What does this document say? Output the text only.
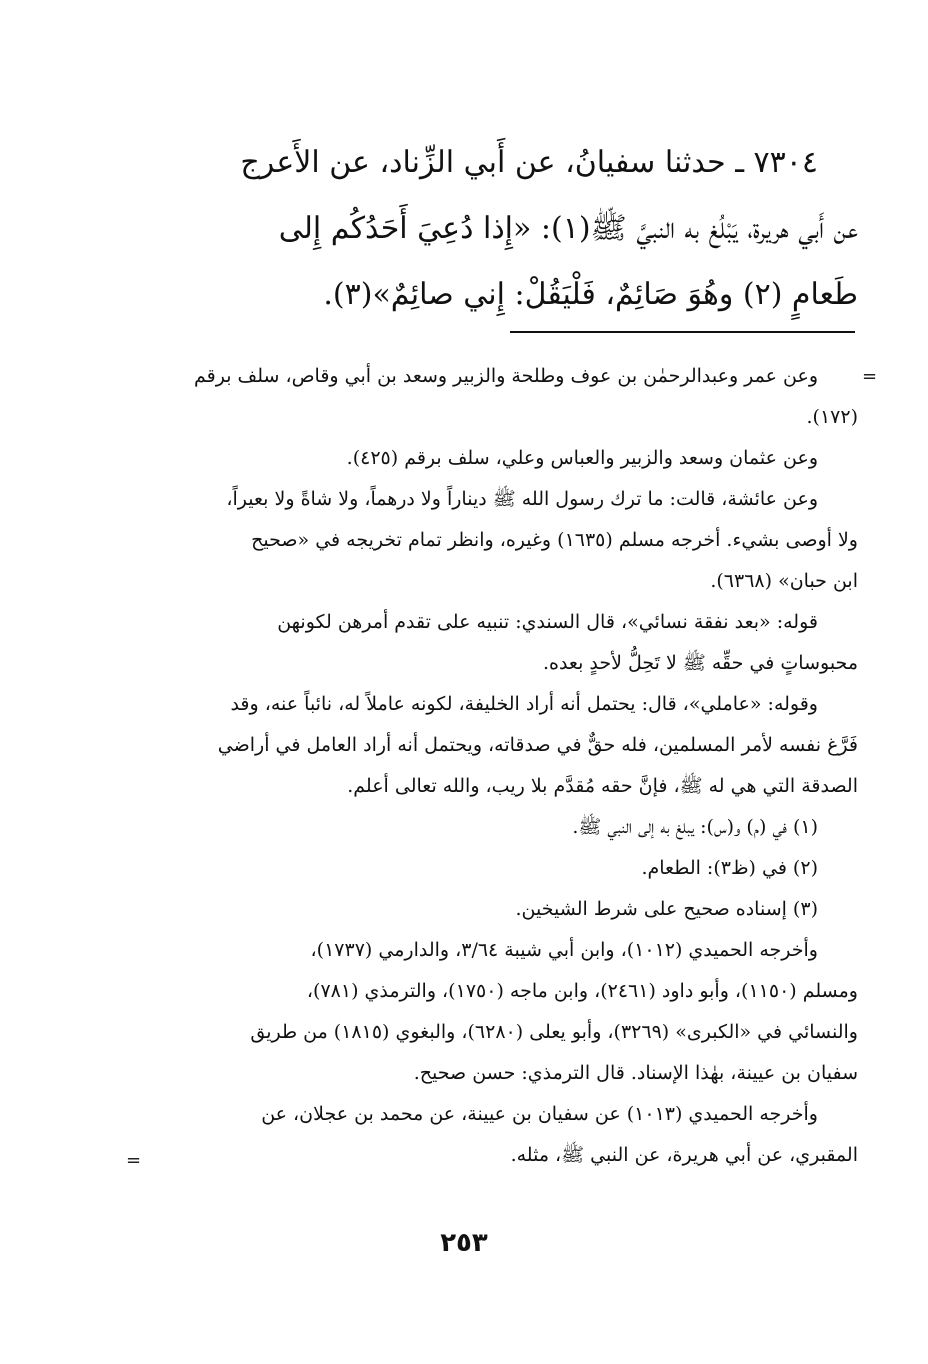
٧٣٠٤ ـ حدثنا سفيانُ، عن أَبي الزِّناد، عن الأَعرج
عن أَبي هريرة، يَبْلُغ به النبيَّ ﷺ(١): «إِذا دُعِيَ أَحَدُكُم إِلى
طَعامٍ (٢) وهُوَ صَائِمٌ، فَلْيَقُلْ: إِني صائِمٌ»(٣).
=
=
وعن عمر وعبدالرحمٰن بن عوف وطلحة والزبير وسعد بن أبي وقاص، سلف برقم
(١٧٢).
وعن عثمان وسعد والزبير والعباس وعلي، سلف برقم (٤٢٥).
وعن عائشة، قالت: ما ترك رسول الله ﷺ ديناراً ولا درهماً، ولا شاةً ولا بعيراً،
ولا أوصى بشيء. أخرجه مسلم (١٦٣٥) وغيره، وانظر تمام تخريجه في «صحيح
ابن حبان» (٦٣٦٨).
قوله: «بعد نفقة نسائي»، قال السندي: تنبيه على تقدم أمرهن لكونهن
محبوساتٍ في حقِّه ﷺ لا تَحِلُّ لأحدٍ بعده.
وقوله: «عاملي»، قال: يحتمل أنه أراد الخليفة، لكونه عاملاً له، نائباً عنه، وقد
فَرَّغ نفسه لأمر المسلمين، فله حقٌّ في صدقاته، ويحتمل أنه أراد العامل في أراضي
الصدقة التي هي له ﷺ، فإنَّ حقه مُقدَّم بلا ريب، والله تعالى أعلم.
(١) في (م) و(س): يبلغ به إلى النبي ﷺ.
(٢) في (ظ٣): الطعام.
(٣) إسناده صحيح على شرط الشيخين.
وأخرجه الحميدي (١٠١٢)، وابن أبي شيبة ٣/٦٤، والدارمي (١٧٣٧)،
ومسلم (١١٥٠)، وأبو داود (٢٤٦١)، وابن ماجه (١٧٥٠)، والترمذي (٧٨١)،
والنسائي في «الكبرى» (٣٢٦٩)، وأبو يعلى (٦٢٨٠)، والبغوي (١٨١٥) من طريق
سفيان بن عيينة، بهٰذا الإسناد. قال الترمذي: حسن صحيح.
وأخرجه الحميدي (١٠١٣) عن سفيان بن عيينة، عن محمد بن عجلان، عن
المقبري، عن أبي هريرة، عن النبي ﷺ، مثله.
٢٥٣
